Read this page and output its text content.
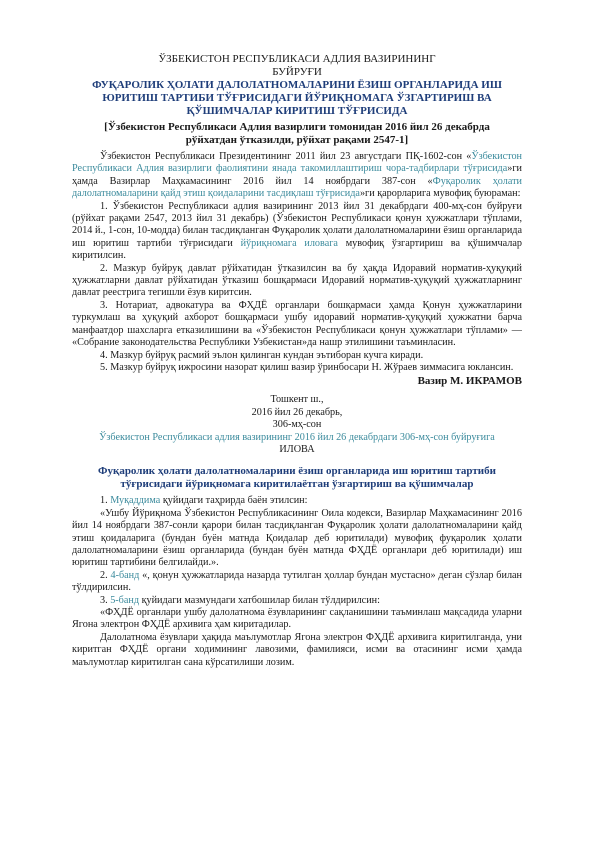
ЎЗБЕКИСТОН РЕСПУБЛИКАСИ АДЛИЯ ВАЗИРИНИНГ

БУЙРУҒИ

ФУҚАРОЛИК ҲОЛАТИ ДАЛОЛАТНОМАЛАРИНИ ЁЗИШ ОРГАНЛАРИДА ИШ ЮРИТИШ ТАРТИБИ ТЎҒРИСИДАГИ ЙЎРИҚНОМАГА ЎЗГАРТИРИШ ВА ҚЎШИМЧАЛАР КИРИТИШ ТЎҒРИСИДА

[Ўзбекистон Республикаси Адлия вазирлиги томонидан 2016 йил 26 декабрда рўйхатдан ўтказилди, рўйхат рақами 2547-1]

Ўзбекистон Республикаси Президентининг 2011 йил 23 августдаги ПҚ-1602-сон «Ўзбекистон Республикаси Адлия вазирлиги фаолиятини янада такомиллаштириш чора-тадбирлари тўғрисида»ги ҳамда Вазирлар Маҳкамасининг 2016 йил 14 ноябрдаги 387-сон «Фуқаролик ҳолати далолатномаларини қайд этиш қоидаларини тасдиқлаш тўғрисида»ги қарорларига мувофиқ буюраман:

1. Ўзбекистон Республикаси адлия вазирининг 2013 йил 31 декабрдаги 400-мҳ-сон буйруғи (рўйхат рақами 2547, 2013 йил 31 декабрь) (Ўзбекистон Республикаси қонун ҳужжатлари тўплами, 2014 й., 1-сон, 10-модда) билан тасдиқланган Фуқаролик ҳолати далолатномаларини ёзиш органларида иш юритиш тартиби тўғрисидаги йўриқномага иловага мувофиқ ўзгартириш ва қўшимчалар киритилсин.

2. Мазкур буйруқ давлат рўйхатидан ўтказилсин ва бу ҳақда Идоравий норматив-ҳуқуқий ҳужжатларни давлат рўйхатидан ўтказиш бошқармаси Идоравий норматив-ҳуқуқий ҳужжатларнинг давлат реестрига тегишли ёзув киритсин.

3. Нотариат, адвокатура ва ФҲДЁ органлари бошқармаси ҳамда Қонун ҳужжатларини туркумлаш ва ҳуқуқий ахборот бошқармаси ушбу идоравий норматив-ҳуқуқий ҳужжатни барча манфаатдор шахсларга етказилишини ва «Ўзбекистон Республикаси қонун ҳужжатлари тўплами» — «Собрание законодательства Республики Узбекистан»да нашр этилишини таъминласин.

4. Мазкур буйруқ расмий эълон қилинган кундан эътиборан кучга киради.

5. Мазкур буйруқ ижросини назорат қилиш вазир ўринбосари Н. Жўраев зиммасига юклансин.

Вазир М. ИКРАМОВ

Тошкент ш.,

2016 йил 26 декабрь,

306-мҳ-сон

Ўзбекистон Республикаси адлия вазирининг 2016 йил 26 декабрдаги 306-мҳ-сон буйруғига

ИЛОВА

Фуқаролик ҳолати далолатномаларини ёзиш органларида иш юритиш тартиби тўғрисидаги йўриқномага киритилаётган ўзгартириш ва қўшимчалар

1. Муқаддима қуйидаги таҳрирда баён этилсин:

«Ушбу Йўриқнома Ўзбекистон Республикасининг Оила кодекси, Вазирлар Маҳкамасининг 2016 йил 14 ноябрдаги 387-сонли қарори билан тасдиқланган Фуқаролик ҳолати далолатномаларини қайд этиш қоидаларига (бундан буён матнда Қоидалар деб юритилади) мувофиқ фуқаролик ҳолати далолатномаларини ёзиш органларида (бундан буён матнда ФҲДЁ органлари деб юритилади) иш юритиш тартибини белгилайди.».

2. 4-банд «, қонун ҳужжатларида назарда тутилган ҳоллар бундан мустасно» деган сўзлар билан тўлдирилсин.

3. 5-банд қуйидаги мазмундаги хатбошилар билан тўлдирилсин:

«ФҲДЁ органлари ушбу далолатнома ёзувларининг сақланишини таъминлаш мақсадида уларни Ягона электрон ФҲДЁ архивига ҳам киритадилар.

Далолатнома ёзувлари ҳақида маълумотлар Ягона электрон ФҲДЁ архивига киритилганда, уни киритган ФҲДЁ органи ходимининг лавозими, фамилияси, исми ва отасининг исми ҳамда маълумотлар киритилган сана кўрсатилиши лозим.
